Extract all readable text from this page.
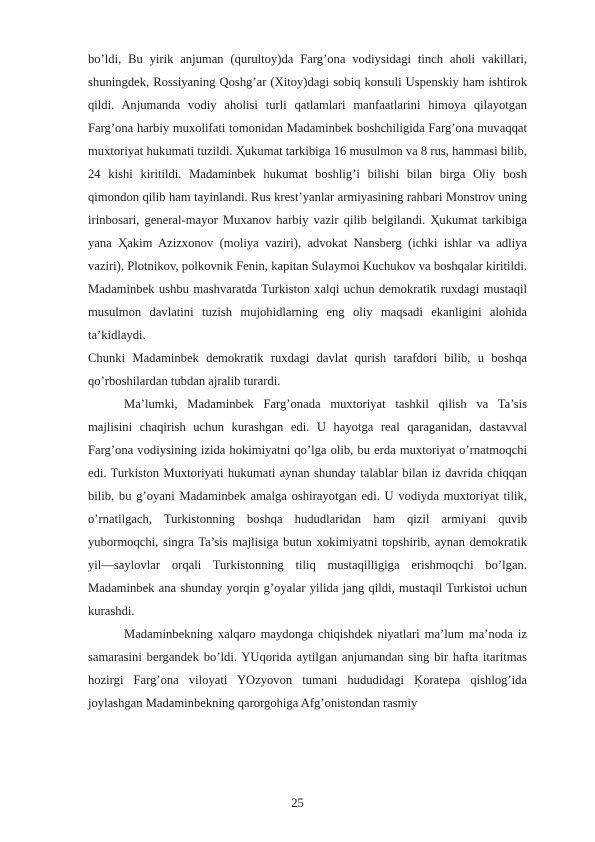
bo’ldi, Bu yirik anjuman (qurultoy)da Farg’ona vodiysidagi tinch aholi vakillari, shuningdek, Rossiyaning Qoshg’ar (Xitoy)dagi sobiq konsuli Uspenskiy ham ishtirok qildi. Anjumanda vodiy aholisi turli qatlamlari manfaatlarini himoya qilayotgan Farg’ona harbiy muxolifati tomonidan Madaminbek boshchiligida Farg’ona muvaqqat muxtoriyat hukumati tuzildi. Ҳukumat tarkibiga 16 musulmon va 8 rus, hammasi bilib, 24 kishi kiritildi. Madaminbek hukumat boshlig’i bilishi bilan birga Oliy bosh qimondon qilib ham tayinlandi. Rus krest’yanlar armiyasining rahbari Monstrov uning irinbosari, general-mayor Muxanov harbiy vazir qilib belgilandi. Ҳukumat tarkibiga yana Ҳakim Azizxonov (moliya vaziri), advokat Nansberg (ichki ishlar va adliya vaziri), Plotnikov, polkovnik Fenin, kapitan Sulaymoi Kuchukov va boshqalar kiritildi. Madaminbek ushbu mashvaratda Turkiston xalqi uchun demokratik ruxdagi mustaqil musulmon davlatini tuzish mujohidlarning eng oliy maqsadi ekanligini alohida ta’kidlaydi.

Chunki Madaminbek demokratik ruxdagi davlat qurish tarafdori bilib, u boshqa qo’rboshilardan tubdan ajralib turardi.

Ma’lumki, Madaminbek Farg’onada muxtoriyat tashkil qilish va Ta’sis majlisini chaqirish uchun kurashgan edi. U hayotga real qaraganidan, dastavval Farg’ona vodiysining izida hokimiyatni qo’lga olib, bu erda muxtoriyat o’rnatmoqchi edi. Turkiston Muxtoriyati hukumati aynan shunday talablar bilan iz davrida chiqqan bilib, bu g’oyani Madaminbek amalga oshirayotgan edi. U vodiyda muxtoriyat tilik, o’rnatilgach, Turkistonning boshqa hududlaridan ham qizil armiyani quvib yubormoqchi, singra Ta’sis majlisiga butun xokimiyatni topshirib, aynan demokratik yil—saylovlar orqali Turkistonning tiliq mustaqilligiga erishmoqchi bo’lgan. Madaminbek ana shunday yorqin g’oyalar yilida jang qildi, mustaqil Turkistoi uchun kurashdi.

Madaminbekning xalqaro maydonga chiqishdek niyatlari ma’lum ma’noda iz samarasini bergandek bo’ldi. YUqorida aytilgan anjumandan sing bir hafta itaritmas hozirgi Farg’ona viloyati YOzyovon tumani hududidagi Ķoratepa qishlog’ida joylashgan Madaminbekning qarorgohiga Afg’onistondan rasmiy

25
